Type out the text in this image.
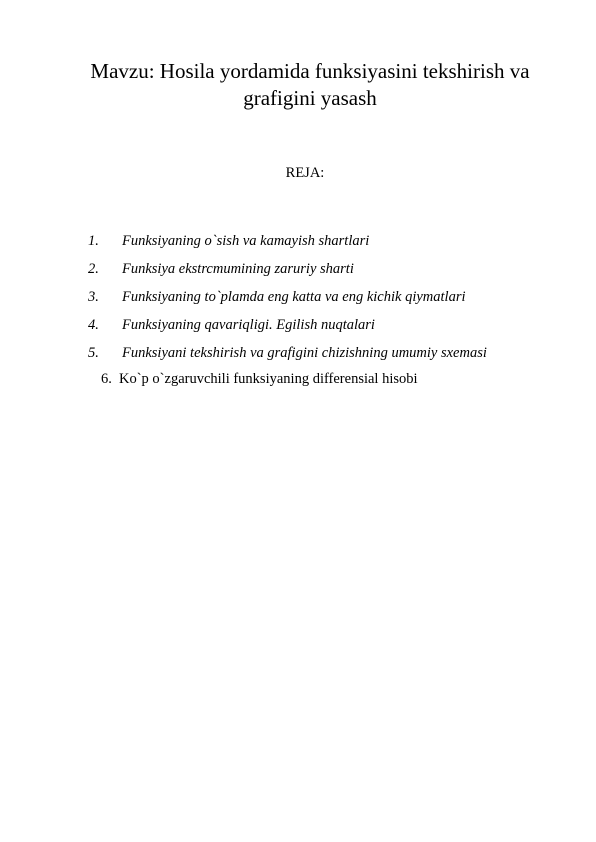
Mavzu: Hosila yordamida funksiyasini tekshirish va grafigini yasash
REJA:
1. Funksiyaning o`sish va kamayish shartlari
2. Funksiya ekstrcmumining zaruriy sharti
3. Funksiyaning to`plamda eng katta va eng kichik qiymatlari
4. Funksiyaning qavariqligi. Egilish nuqtalari
5. Funksiyani tekshirish va grafigini chizishning umumiy sxemasi
6. Ko`p o`zgaruvchili funksiyaning differensial hisobi
